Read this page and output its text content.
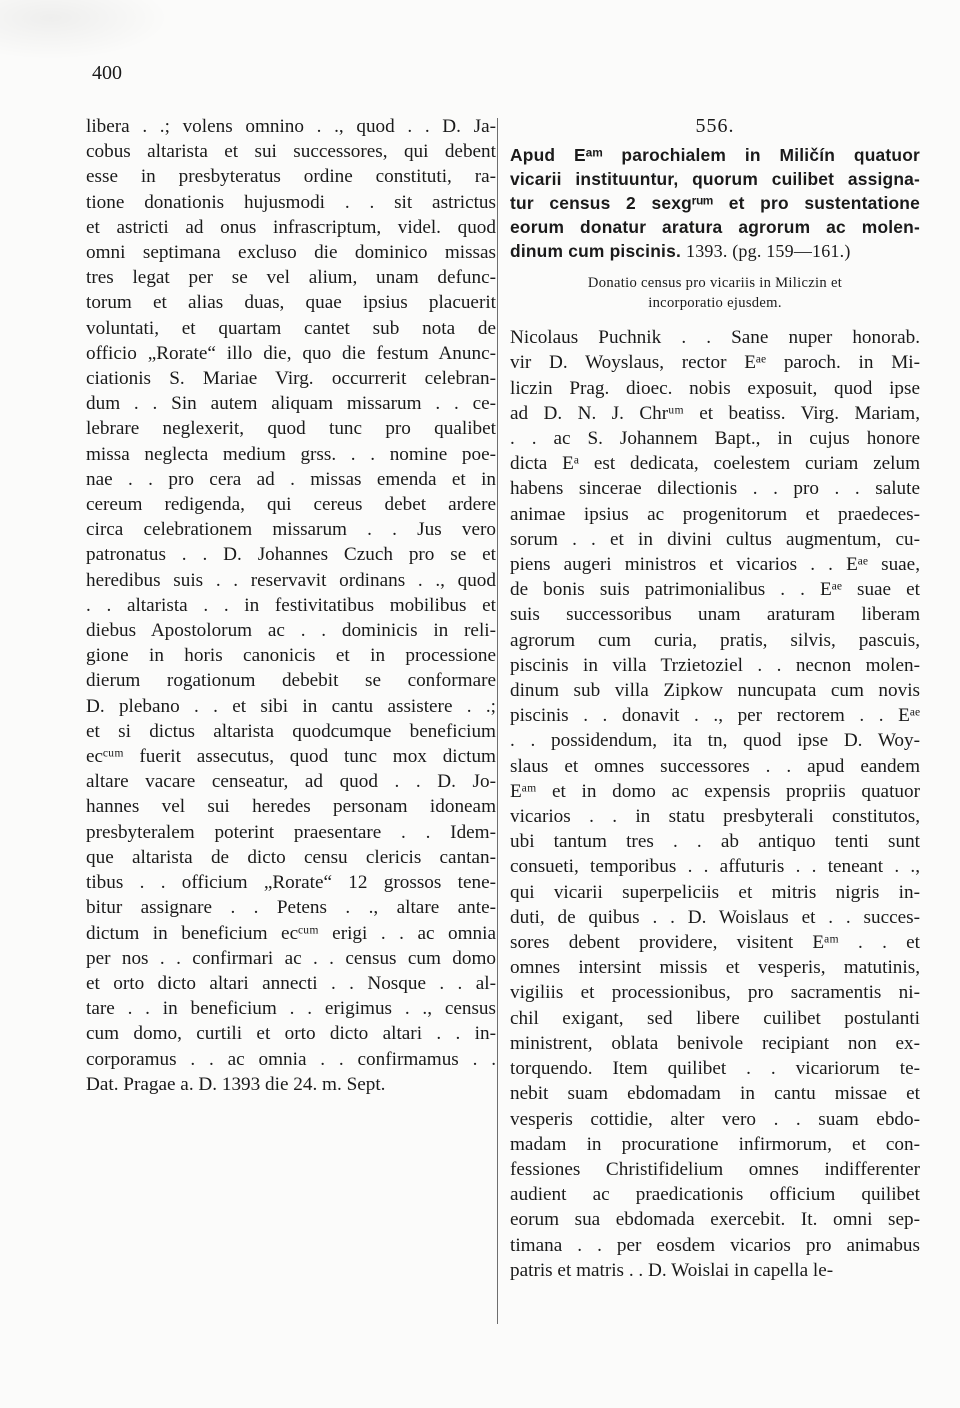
400
libera . .; volens omnino . ., quod . . D. Ja-
cobus altarista et sui successores, qui debent
esse in presbyteratus ordine constituti, ra-
tione donationis hujusmodi . . sit astrictus
et astricti ad onus infrascriptum, videl. quod
omni septimana excluso die dominico missas
tres legat per se vel alium, unam defunc-
torum et alias duas, quae ipsius placuerit
voluntati, et quartam cantet sub nota de
officio „Rorate“ illo die, quo die festum Anunc-
ciationis S. Mariae Virg. occurrerit celebran-
dum . . Sin autem aliquam missarum . . ce-
lebrare neglexerit, quod tunc pro qualibet
missa neglecta medium grss. . . nomine poe-
nae . . pro cera ad . missas emenda et in
cereum redigenda, qui cereus debet ardere
circa celebrationem missarum . . Jus vero
patronatus . . D. Johannes Czuch pro se et
heredibus suis . . reservavit ordinans . ., quod
. . altarista . . in festivitatibus mobilibus et
diebus Apostolorum ac . . dominicis in reli-
gione in horis canonicis et in processione
dierum rogationum debebit se conformare
D. plebano . . et sibi in cantu assistere . .;
et si dictus altarista quodcumque beneficium
ecᶜᵘᵐ fuerit assecutus, quod tunc mox dictum
altare vacare censeatur, ad quod . . D. Jo-
hannes vel sui heredes personam idoneam
presbyteralem poterint praesentare . . Idem-
que altarista de dicto censu clericis cantan-
tibus . . officium „Rorate“ 12 grossos tene-
bitur assignare . . Petens . ., altare ante-
dictum in beneficium ecᶜᵘᵐ erigi . . ac omnia
per nos . . confirmari ac . . census cum domo
et orto dicto altari annecti . . Nosque . . al-
tare . . in beneficium . . erigimus . ., census
cum domo, curtili et orto dicto altari . . in-
corporamus . . ac omnia . . confirmamus . .
Dat. Pragae a. D. 1393 die 24. m. Sept.
556.
Apud Eᵃᵐ parochialem in Miličín quatuor
vicarii instituuntur, quorum cuilibet assigna-
tur census 2 sexgʳᵘᵐ et pro sustentatione
eorum donatur aratura agrorum ac molen-
dinum cum piscinis. 1393. (pg. 159—161.)
Donatio census pro vicariis in Miliczin et
incorporatio ejusdem.
Nicolaus Puchnik . . Sane nuper honorab.
vir D. Woyslaus, rector Eᵃᵉ paroch. in Mi-
liczin Prag. dioec. nobis exposuit, quod ipse
ad D. N. J. Chrᵘᵐ et beatiss. Virg. Mariam,
. . ac S. Johannem Bapt., in cujus honore
dicta Eᵃ est dedicata, coelestem curiam zelum
habens sincerae dilectionis . . pro . . salute
animae ipsius ac progenitorum et praedeces-
sorum . . et in divini cultus augmentum, cu-
piens augeri ministros et vicarios . . Eᵃᵉ suae,
de bonis suis patrimonialibus . . Eᵃᵉ suae et
suis successoribus unam araturam liberam
agrorum cum curia, pratis, silvis, pascuis,
piscinis in villa Trzietoziel . . necnon molen-
dinum sub villa Zipkow nuncupata cum novis
piscinis . . donavit . ., per rectorem . . Eᵃᵉ
. . possidendum, ita tn, quod ipse D. Woy-
slaus et omnes successores . . apud eandem
Eᵃᵐ et in domo ac expensis propriis quatuor
vicarios . . in statu presbyterali constitutos,
ubi tantum tres . . ab antiquo tenti sunt
consueti, temporibus . . affuturis . . teneant . .,
qui vicarii superpeliciis et mitris nigris in-
duti, de quibus . . D. Woislaus et . . succes-
sores debent providere, visitent Eᵃᵐ . . et
omnes intersint missis et vesperis, matutinis,
vigiliis et processionibus, pro sacramentis ni-
chil exigant, sed libere cuilibet postulanti
ministrent, oblata benivole recipiant non ex-
torquendo. Item quilibet . . vicariorum te-
nebit suam ebdomadam in cantu missae et
vesperis cottidie, alter vero . . suam ebdo-
madam in procuratione infirmorum, et con-
fessiones Christifidelium omnes indifferenter
audient ac praedicationis officium quilibet
eorum sua ebdomada exercebit. It. omni sep-
timana . . per eosdem vicarios pro animabus
patris et matris . . D. Woislai in capella le-
